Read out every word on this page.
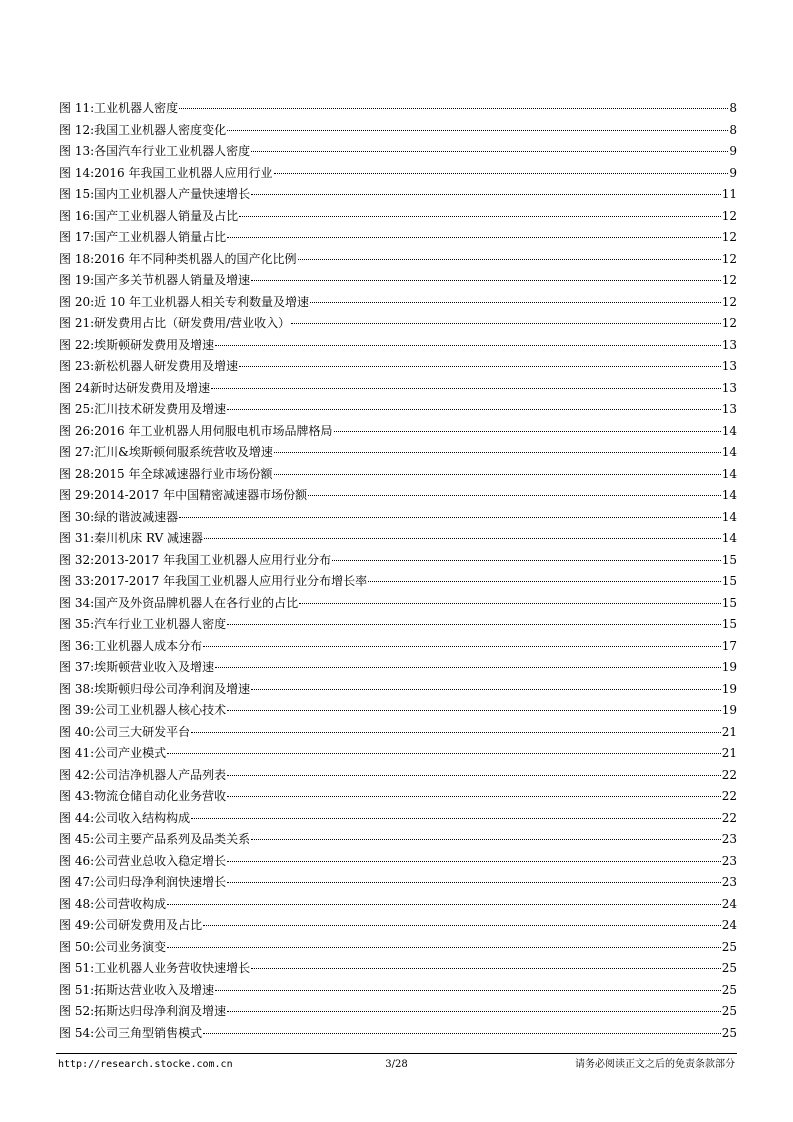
图 11: 工业机器人密度	8
图 12: 我国工业机器人密度变化	8
图 13: 各国汽车行业工业机器人密度	9
图 14: 2016 年我国工业机器人应用行业	9
图 15: 国内工业机器人产量快速增长	11
图 16: 国产工业机器人销量及占比	12
图 17: 国产工业机器人销量占比	12
图 18: 2016 年不同种类机器人的国产化比例	12
图 19: 国产多关节机器人销量及增速	12
图 20: 近 10 年工业机器人相关专利数量及增速	12
图 21: 研发费用占比（研发费用/营业收入）	12
图 22: 埃斯顿研发费用及增速	13
图 23: 新松机器人研发费用及增速	13
图 24 新时达研发费用及增速	13
图 25: 汇川技术研发费用及增速	13
图 26: 2016 年工业机器人用伺服电机市场品牌格局	14
图 27: 汇川&埃斯顿伺服系统营收及增速	14
图 28: 2015 年全球减速器行业市场份额	14
图 29: 2014-2017 年中国精密减速器市场份额	14
图 30: 绿的谐波减速器	14
图 31: 秦川机床 RV 减速器	14
图 32: 2013-2017 年我国工业机器人应用行业分布	15
图 33: 2017-2017 年我国工业机器人应用行业分布增长率	15
图 34: 国产及外资品牌机器人在各行业的占比	15
图 35: 汽车行业工业机器人密度	15
图 36: 工业机器人成本分布	17
图 37: 埃斯顿营业收入及增速	19
图 38: 埃斯顿归母公司净利润及增速	19
图 39: 公司工业机器人核心技术	19
图 40: 公司三大研发平台	21
图 41: 公司产业模式	21
图 42: 公司洁净机器人产品列表	22
图 43: 物流仓储自动化业务营收	22
图 44: 公司收入结构构成	22
图 45: 公司主要产品系列及品类关系	23
图 46: 公司营业总收入稳定增长	23
图 47: 公司归母净利润快速增长	23
图 48: 公司营收构成	24
图 49: 公司研发费用及占比	24
图 50: 公司业务演变	25
图 51: 工业机器人业务营收快速增长	25
图 51: 拓斯达营业收入及增速	25
图 52: 拓斯达归母净利润及增速	25
图 54: 公司三角型销售模式	25
http://research.stocke.com.cn	3/28	请务必阅读正文之后的免责条款部分
